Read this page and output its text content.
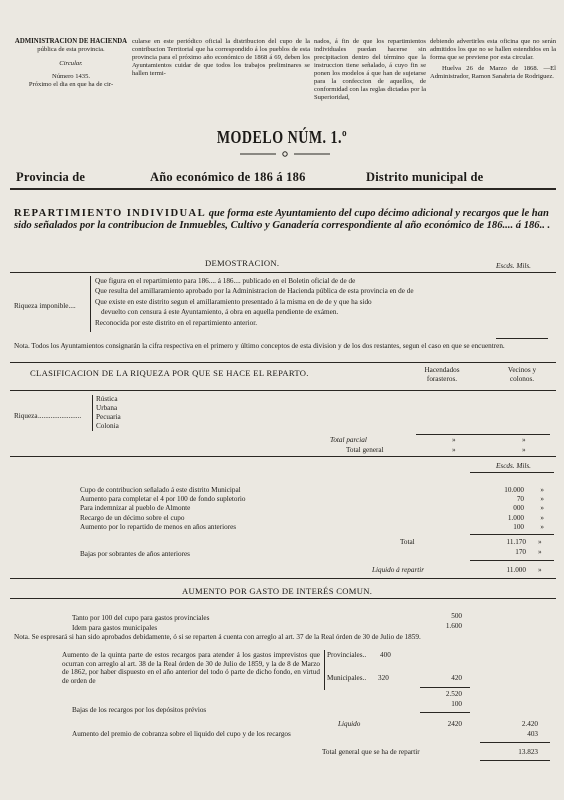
ADMINISTRACION DE HACIENDA
pública de esta provincia.
Circular.
Número 1435.
Próximo el dia en que ha de cir-
cularse en este periódico oficial la distribucion del cupo de la contribucion Territorial que ha correspondido á los pueblos de esta provincia para el próximo año económico de 1868 á 69, deben los Ayuntamientos cuidar de que todos los trabajos preliminares se hallen termi-
nados, á fin de que los repartimientos individuales puedan hacerse sin precipitacion dentro del término que la instruccion tiene señalado, á cuyo fin se ponen los modelos á que han de sujetarse para la confeccion de aquellos, de conformidad con las reglas dictadas por la Superioridad,
debiendo advertirles esta oficina que no serán admitidos los que no se hallen estendidos en la forma que se previene por esta circular.
Huelva 26 de Marzo de 1868. —El Administrador, Ramon Sanabria de Rodriguez.
MODELO NÚM. 1.º
Provincia de	Año económico de 186 á 186	Distrito municipal de
REPARTIMIENTO INDIVIDUAL que forma este Ayuntamiento del cupo décimo adicional y recargos que le han sido señalados por la contribucion de Inmuebles, Cultivo y Ganadería correspondiente al año económico de 186.... á 186.. .
DEMOSTRACION.	Escds. Mils.
Riqueza imponible....
Que figura en el repartimiento para 186.... á 186.... publicado en el Boletin oficial de de de
Que resulta del amillaramiento aprobado por la Administracion de Hacienda pública de esta provincia en de de
Que existe en este distrito segun el amillaramiento presentado á la misma en de de y que ha sido
devuelto con censura á este Ayuntamiento, á obra en aquella pendiente de exámen.
Reconocida por este distrito en el repartimiento anterior.
Nota. Todos los Ayuntamientos consignarán la cifra respectiva en el primero y último conceptos de esta division y de los dos restantes, segun el caso en que se encuentren.
CLASIFICACION DE LA RIQUEZA POR QUE SE HACE EL REPARTO.	Hacendados forasteros.
Vecinos y colonos.
Riqueza ........................
Rústica
Urbana
Pecuaria
Colonia
Total parcial	»	»
Total general	»	»
Escds. Mils.
Cupo de contribucion señalado á este distrito Municipal	10.000 »
Aumento para completar el 4 por 100 de fondo supletorio	70 »
Para indemnizar al pueblo de Almonte	000 »
Recargo de un décimo sobre el cupo	1.000 »
Aumento por lo repartido de menos en años anteriores	100 »
Total	11.170 »
Bajas por sobrantes de años anteriores	170 »
Liquido á repartir	11.000 »
AUMENTO POR GASTO DE INTERÉS COMUN.
Tanto por 100 del cupo para gastos provinciales	500
Idem para gastos municipales	1.600
Nota. Se espresará si han sido aprobados debidamente, ó si se reparten á cuenta con arreglo al art. 37 de la Real órden de 30 de Julio de 1859.
Aumento de la quinta parte de estos recargos para atender á los gastos imprevistos que ocurran con arreglo al art. 38 de la Real órden de 30 de Julio de 1859, y la de 8 de Marzo de 1862, por haber dispuesto en el año anterior del todo ó parte de dicho fondo, en virtud de orden de
Provinciales.. 400
Municipales.. 320	420
2.520
Bajas de los recargos por los depósitos prévios
100
Liquido	2420	2.420
Aumento del premio de cobranza sobre el liquido del cupo y de los recargos	403
Total general que se ha de repartir	13.823
